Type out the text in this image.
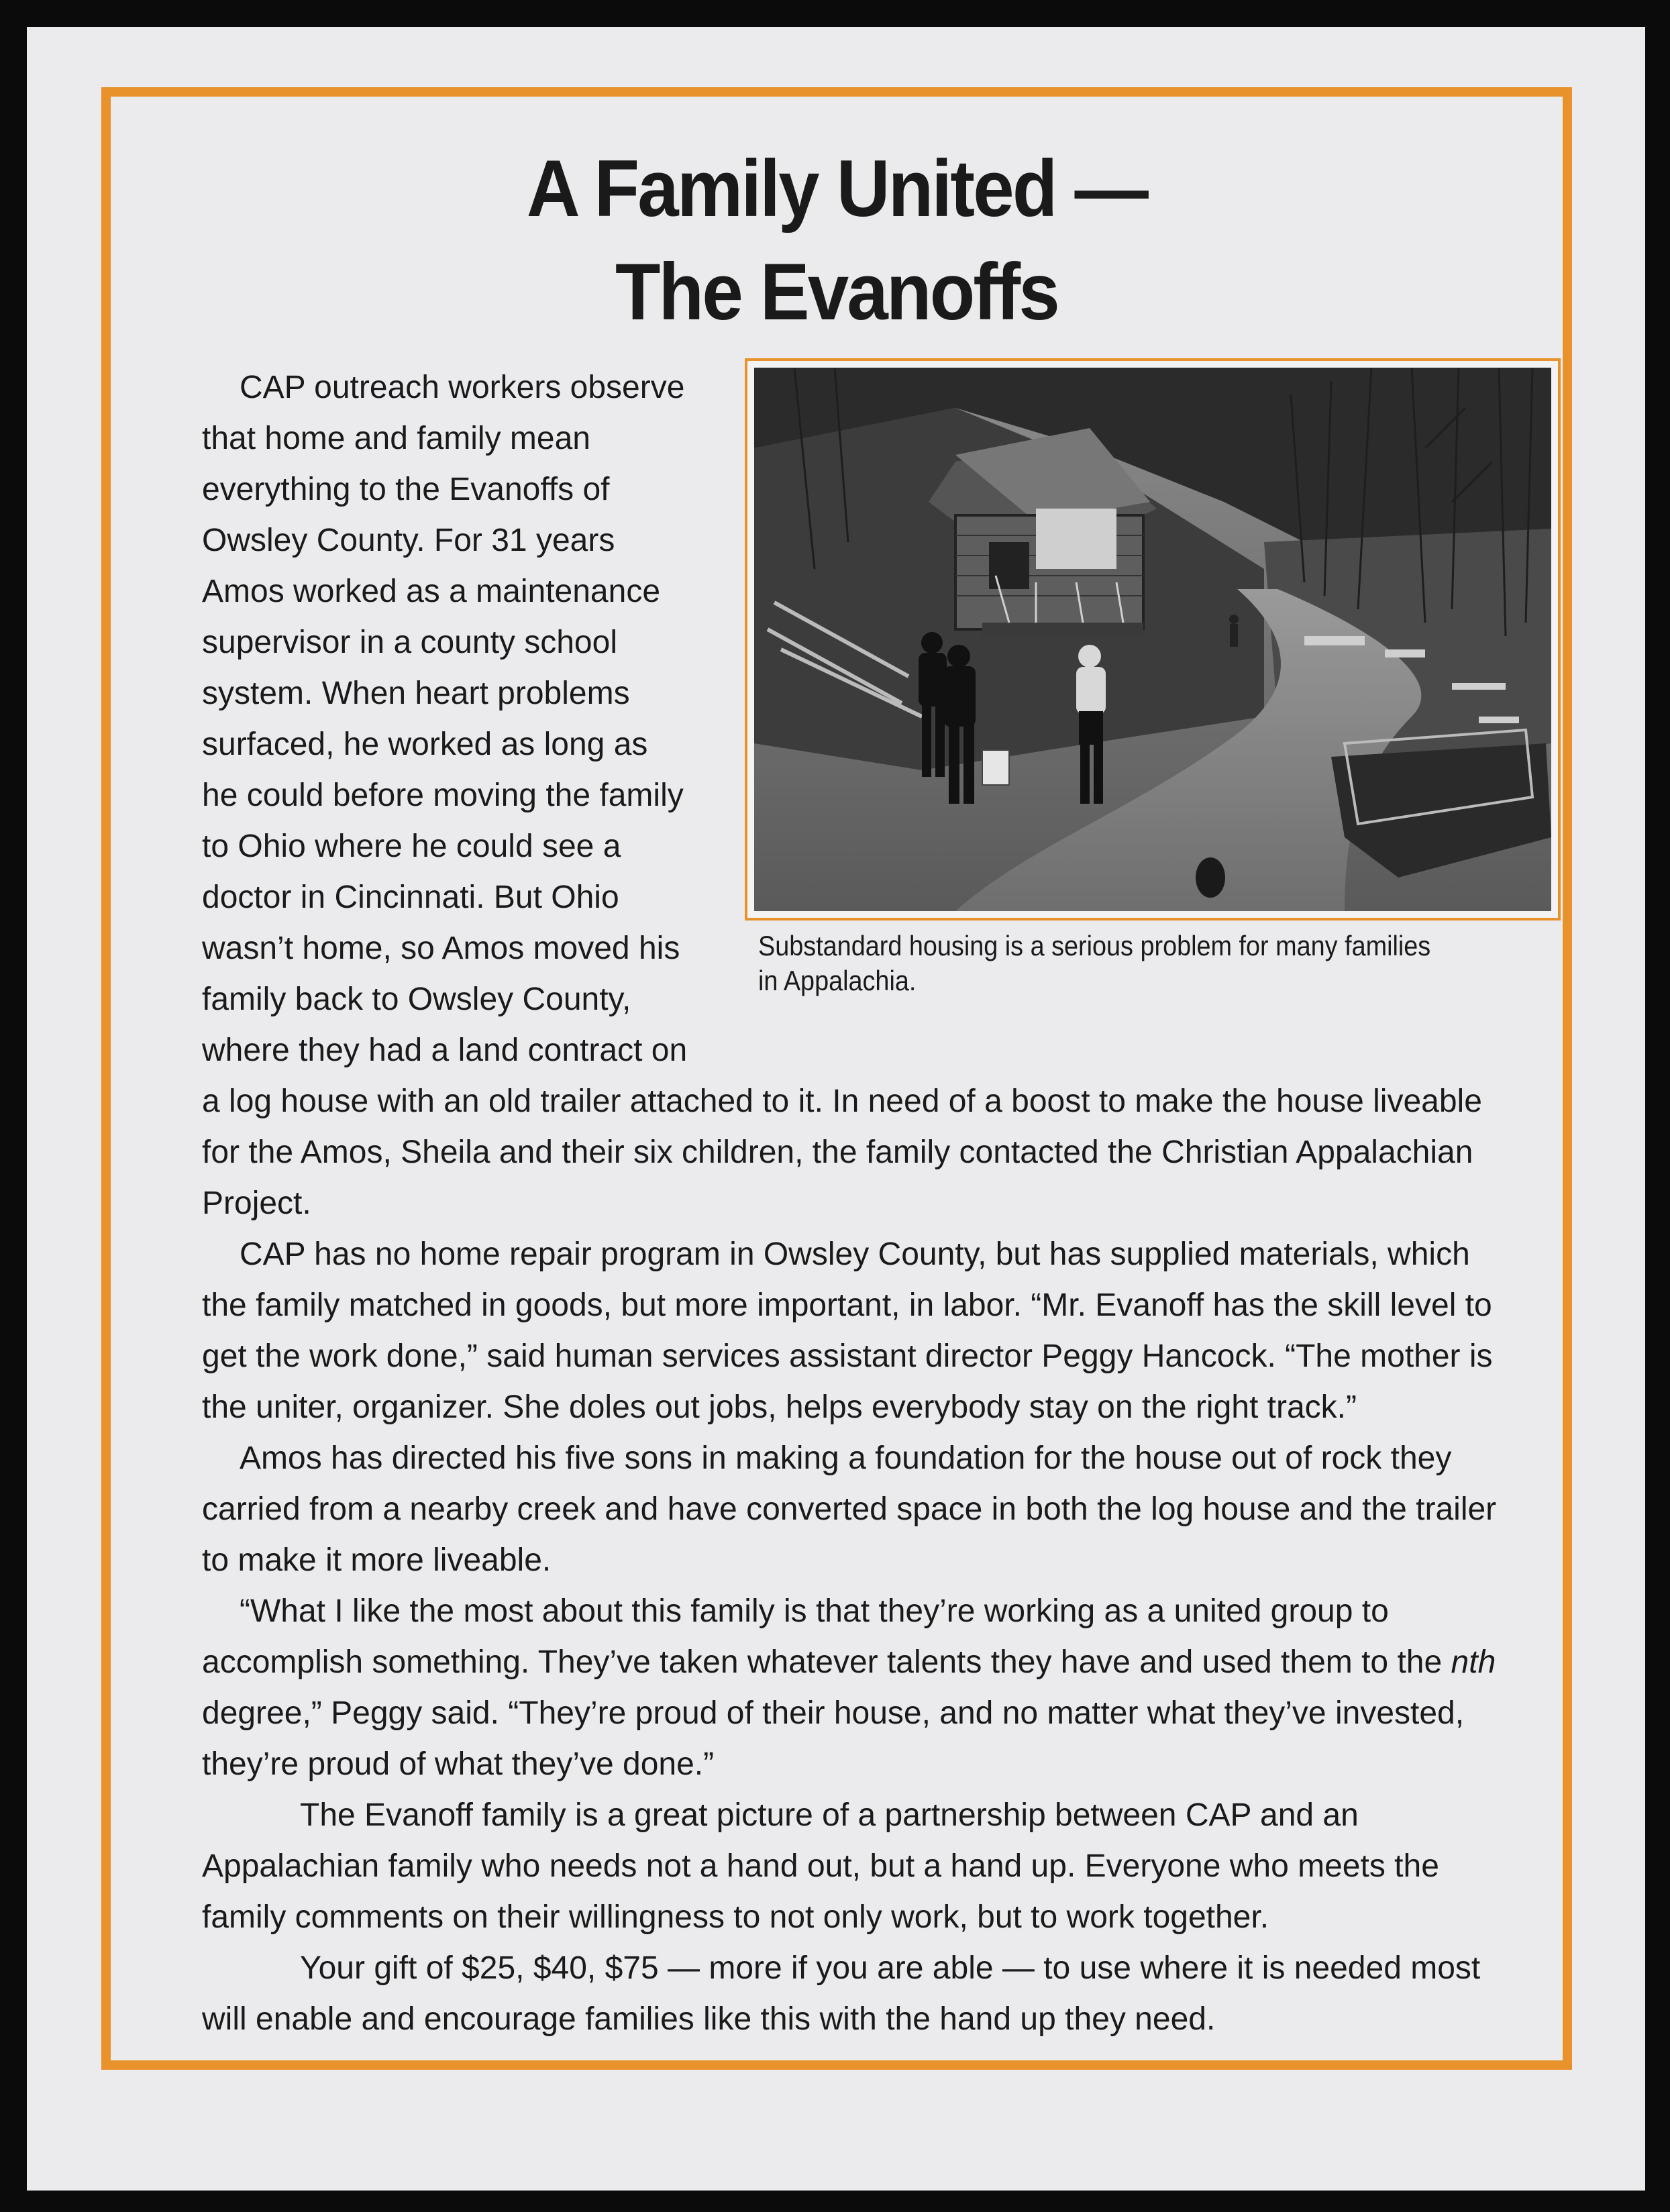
A Family United —
The Evanoffs
Substandard housing is a serious problem for many families
in Appalachia.
CAP outreach workers observe
that home and family mean
everything to the Evanoffs of
Owsley County. For 31 years
Amos worked as a maintenance
supervisor in a county school
system. When heart problems
surfaced, he worked as long as
he could before moving the family
to Ohio where he could see a
doctor in Cincinnati. But Ohio
wasn’t home, so Amos moved his
family back to Owsley County,
where they had a land contract on
a log house with an old trailer attached to it. In need of a boost to make the house liveable
for the Amos, Sheila and their six children, the family contacted the Christian Appalachian
Project.
CAP has no home repair program in Owsley County, but has supplied materials, which
the family matched in goods, but more important, in labor. “Mr. Evanoff has the skill level to
get the work done,” said human services assistant director Peggy Hancock. “The mother is
the uniter, organizer. She doles out jobs, helps everybody stay on the right track.”
Amos has directed his five sons in making a foundation for the house out of rock they
carried from a nearby creek and have converted space in both the log house and the trailer
to make it more liveable.
“What I like the most about this family is that they’re working as a united group to
accomplish something. They’ve taken whatever talents they have and used them to the nth
degree,” Peggy said. “They’re proud of their house, and no matter what they’ve invested,
they’re proud of what they’ve done.”
The Evanoff family is a great picture of a partnership between CAP and an
Appalachian family who needs not a hand out, but a hand up. Everyone who meets the
family comments on their willingness to not only work, but to work together.
Your gift of $25, $40, $75 — more if you are able — to use where it is needed most
will enable and encourage families like this with the hand up they need.
